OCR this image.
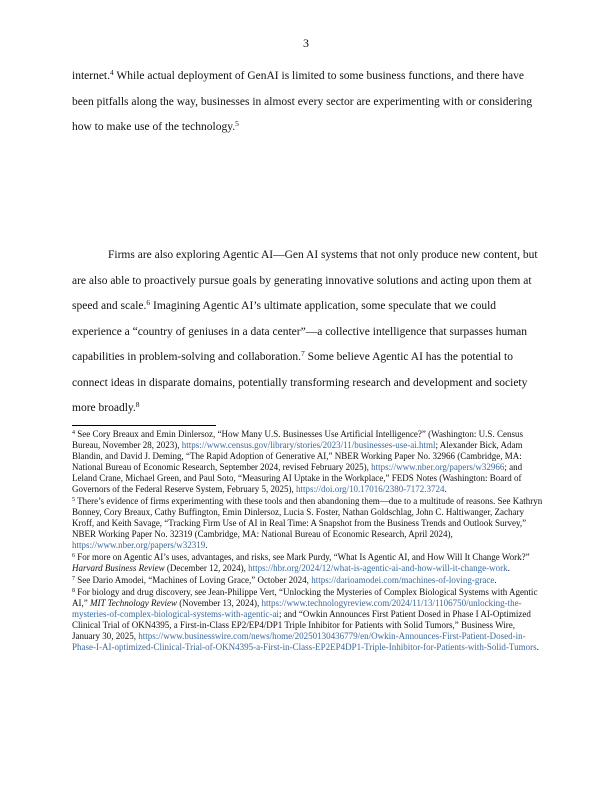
3

internet.$^4$ While actual deployment of GenAI is limited to some business functions, and there have been pitfalls along the way, businesses in almost every sector are experimenting with or considering how to make use of the technology.$^5$

Firms are also exploring Agentic AI—Gen AI systems that not only produce new content, but are also able to proactively pursue goals by generating innovative solutions and acting upon them at speed and scale.$^6$ Imagining Agentic AI’s ultimate application, some speculate that we could experience a “country of geniuses in a data center”—a collective intelligence that surpasses human capabilities in problem-solving and collaboration.$^7$ Some believe Agentic AI has the potential to connect ideas in disparate domains, potentially transforming research and development and society more broadly.$^8$

$^4$ See Cory Breaux and Emin Dinlersoz, “How Many U.S. Businesses Use Artificial Intelligence?” (Washington: U.S. Census Bureau, November 28, 2023), https://www.census.gov/library/stories/2023/11/businesses-use-ai.html; Alexander Bick, Adam Blandin, and David J. Deming, “The Rapid Adoption of Generative AI,” NBER Working Paper No. 32966 (Cambridge, MA: National Bureau of Economic Research, September 2024, revised February 2025), https://www.nber.org/papers/w32966; and Leland Crane, Michael Green, and Paul Soto, “Measuring AI Uptake in the Workplace,” FEDS Notes (Washington: Board of Governors of the Federal Reserve System, February 5, 2025), https://doi.org/10.17016/2380-7172.3724.

$^5$ There’s evidence of firms experimenting with these tools and then abandoning them—due to a multitude of reasons. See Kathryn Bonney, Cory Breaux, Cathy Buffington, Emin Dinlersoz, Lucia S. Foster, Nathan Goldschlag, John C. Haltiwanger, Zachary Kroff, and Keith Savage, “Tracking Firm Use of AI in Real Time: A Snapshot from the Business Trends and Outlook Survey,” NBER Working Paper No. 32319 (Cambridge, MA: National Bureau of Economic Research, April 2024), https://www.nber.org/papers/w32319.

$^6$ For more on Agentic AI’s uses, advantages, and risks, see Mark Purdy, “What Is Agentic AI, and How Will It Change Work?” Harvard Business Review (December 12, 2024), https://hbr.org/2024/12/what-is-agentic-ai-and-how-will-it-change-work.

$^7$ See Dario Amodei, “Machines of Loving Grace,” October 2024, https://darioamodei.com/machines-of-loving-grace.

$^8$ For biology and drug discovery, see Jean-Philippe Vert, “Unlocking the Mysteries of Complex Biological Systems with Agentic AI,” MIT Technology Review (November 13, 2024), https://www.technologyreview.com/2024/11/13/1106750/unlocking-the-mysteries-of-complex-biological-systems-with-agentic-ai; and “Owkin Announces First Patient Dosed in Phase I AI-Optimized Clinical Trial of OKN4395, a First-in-Class EP2/EP4/DP1 Triple Inhibitor for Patients with Solid Tumors,” Business Wire, January 30, 2025, https://www.businesswire.com/news/home/20250130436779/en/Owkin-Announces-First-Patient-Dosed-in-Phase-I-AI-optimized-Clinical-Trial-of-OKN4395-a-First-in-Class-EP2EP4DP1-Triple-Inhibitor-for-Patients-with-Solid-Tumors.
